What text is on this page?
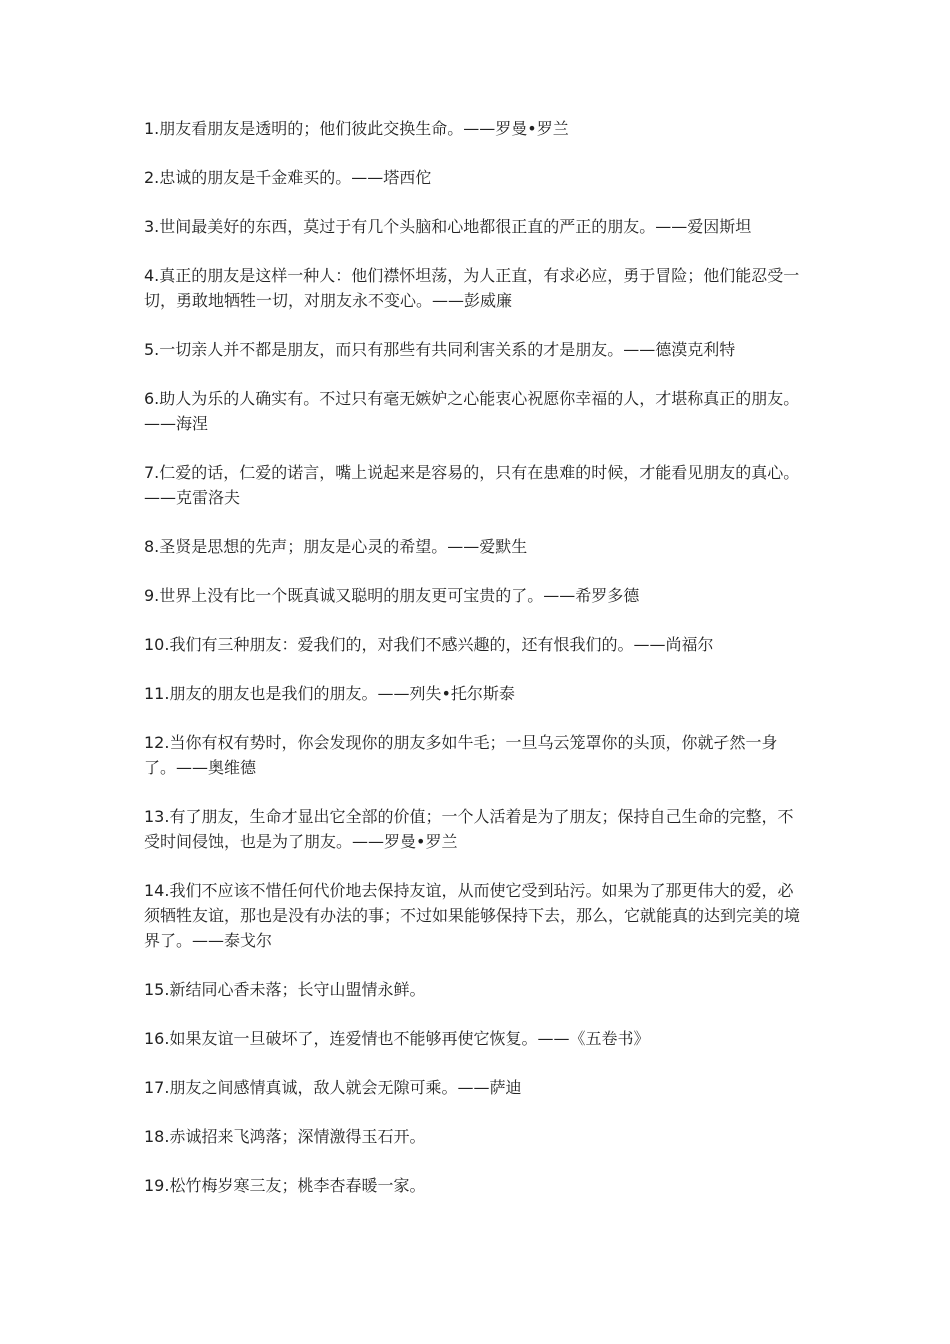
1.朋友看朋友是透明的；他们彼此交换生命。——罗曼•罗兰

2.忠诚的朋友是千金难买的。——塔西佗

3.世间最美好的东西，莫过于有几个头脑和心地都很正直的严正的朋友。——爱因斯坦

4.真正的朋友是这样一种人：他们襟怀坦荡，为人正直，有求必应，勇于冒险；他们能忍受一切，勇敢地牺牲一切，对朋友永不变心。——彭威廉

5.一切亲人并不都是朋友，而只有那些有共同利害关系的才是朋友。——德漠克利特

6.助人为乐的人确实有。不过只有毫无嫉妒之心能衷心祝愿你幸福的人，才堪称真正的朋友。——海涅

7.仁爱的话，仁爱的诺言，嘴上说起来是容易的，只有在患难的时候，才能看见朋友的真心。——克雷洛夫

8.圣贤是思想的先声；朋友是心灵的希望。——爱默生

9.世界上没有比一个既真诚又聪明的朋友更可宝贵的了。——希罗多德

10.我们有三种朋友：爱我们的，对我们不感兴趣的，还有恨我们的。——尚福尔

11.朋友的朋友也是我们的朋友。——列失•托尔斯泰

12.当你有权有势时，你会发现你的朋友多如牛毛；一旦乌云笼罩你的头顶，你就孑然一身了。——奥维德

13.有了朋友，生命才显出它全部的价值；一个人活着是为了朋友；保持自己生命的完整，不受时间侵蚀，也是为了朋友。——罗曼•罗兰

14.我们不应该不惜任何代价地去保持友谊，从而使它受到玷污。如果为了那更伟大的爱，必须牺牲友谊，那也是没有办法的事；不过如果能够保持下去，那么，它就能真的达到完美的境界了。——泰戈尔

15.新结同心香未落；长守山盟情永鲜。

16.如果友谊一旦破坏了，连爱情也不能够再使它恢复。——《五卷书》

17.朋友之间感情真诚，敌人就会无隙可乘。——萨迪

18.赤诚招来飞鸿落；深情激得玉石开。

19.松竹梅岁寒三友；桃李杏春暖一家。
